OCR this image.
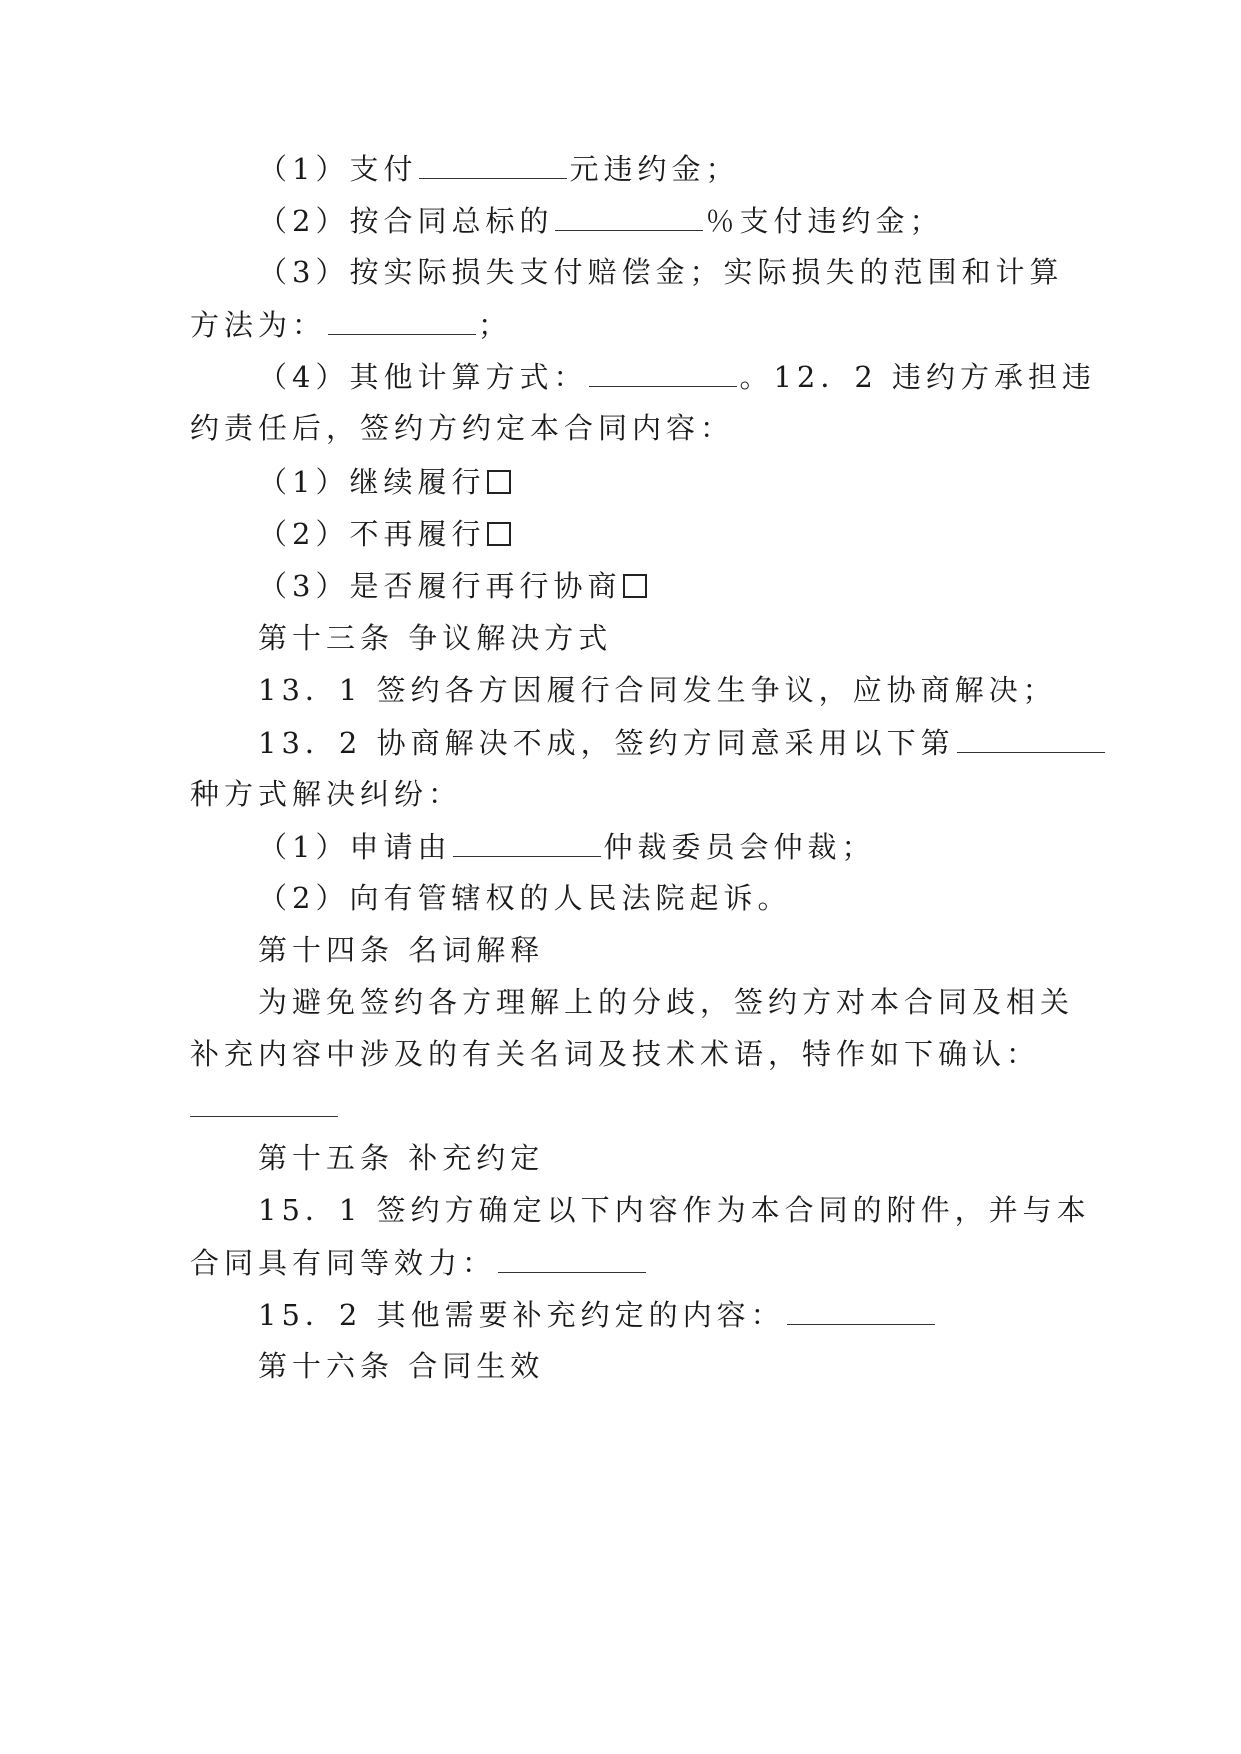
（1）支付	元违约金；
（2）按合同总标的	％支付违约金；
（3）按实际损失支付赔偿金；实际损失的范围和计算
方法为：	；
（4）其他计算方式：	。12．2 违约方承担违
约责任后，签约方约定本合同内容：
（1）继续履行
（2）不再履行
（3）是否履行再行协商
第十三条 争议解决方式
13．1 签约各方因履行合同发生争议，应协商解决；
13．2 协商解决不成，签约方同意采用以下第
种方式解决纠纷：
（1）申请由	仲裁委员会仲裁；
（2）向有管辖权的人民法院起诉。
第十四条 名词解释
为避免签约各方理解上的分歧，签约方对本合同及相关
补充内容中涉及的有关名词及技术术语，特作如下确认：
第十五条 补充约定
15．1 签约方确定以下内容作为本合同的附件，并与本
合同具有同等效力：
15．2 其他需要补充约定的内容：
第十六条 合同生效
